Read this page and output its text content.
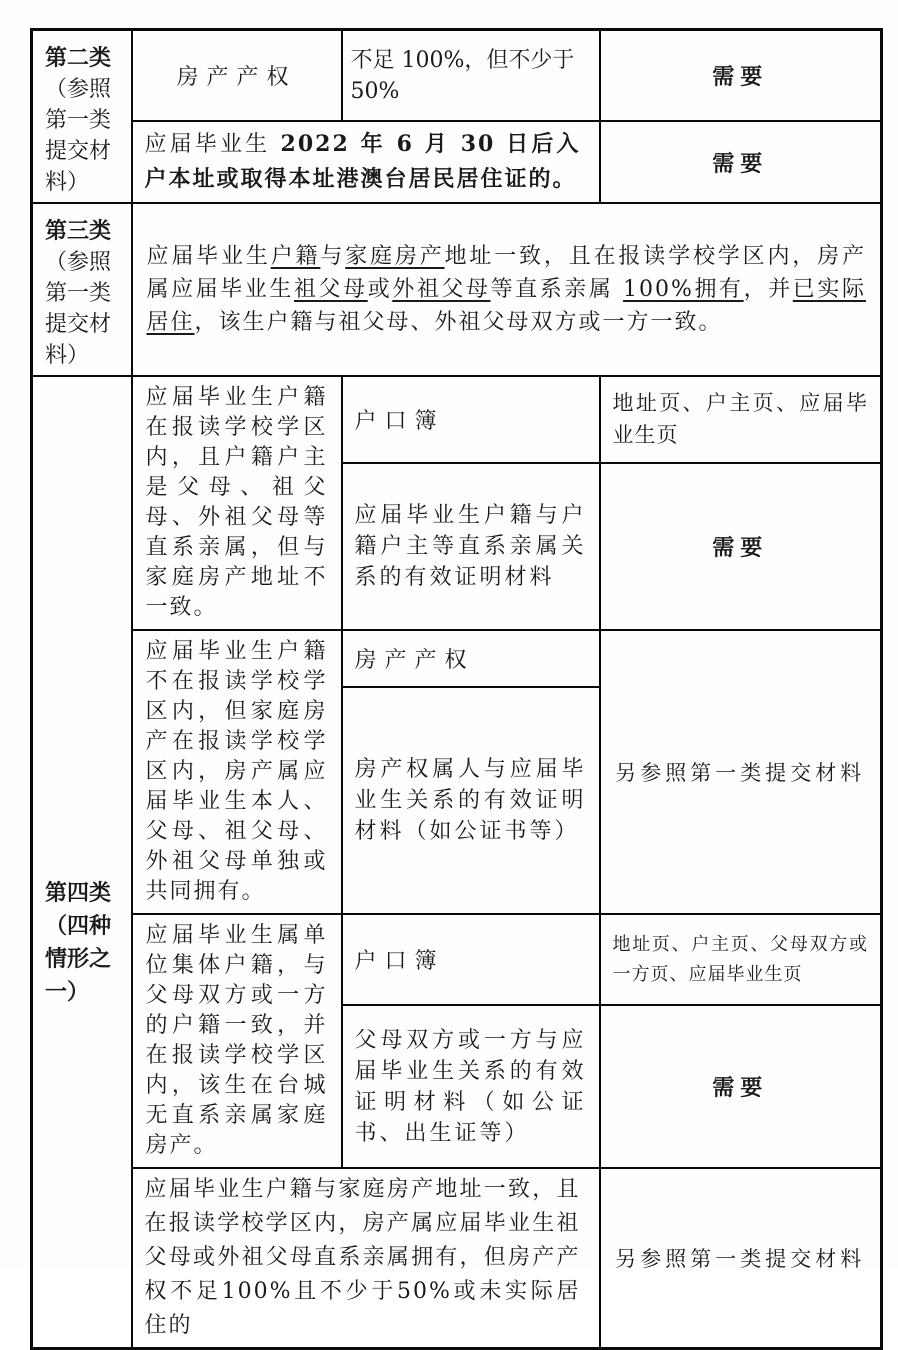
第二类
（参照第一类提交材料）	房产产权	不足 100%，但不少于 50%	需要
	应届毕业生 2022 年 6 月 30 日后入户本址或取得本址港澳台居民居住证的。		需要

第三类
（参照第一类提交材料）	应届毕业生户籍与家庭房产地址一致，且在报读学校学区内，房产属应届毕业生祖父母或外祖父母等直系亲属 100%拥有，并已实际居住，该生户籍与祖父母、外祖父母双方或一方一致。		
第四类（四种情形之一）	应届毕业生户籍在报读学校学区内，且户籍户主是父母、祖父母、外祖父母等直系亲属，但与家庭房产地址不一致。	户口簿	地址页、户主页、应届毕业生页
		应届毕业生户籍与户籍户主等直系亲属关系的有效证明材料	需要
	应届毕业生户籍不在报读学校学区内，但家庭房产在报读学校学区内，房产属应届毕业生本人、父母、祖父母、外祖父母单独或共同拥有。	房产产权	另参照第一类提交材料
		房产权属人与应届毕业生关系的有效证明材料（如公证书等）	
	应届毕业生属单位集体户籍，与父母双方或一方的户籍一致，并在报读学校学区内，该生在台城无直系亲属家庭房产。	户口簿	地址页、户主页、父母双方或一方页、应届毕业生页
		父母双方或一方与应届毕业生关系的有效证明材料（如公证书、出生证等）	需要
	应届毕业生户籍与家庭房产地址一致，且在报读学校学区内，房产属应届毕业生祖父母或外祖父母直系亲属拥有，但房产产权不足100%且不少于50%或未实际居住的		另参照第一类提交材料
